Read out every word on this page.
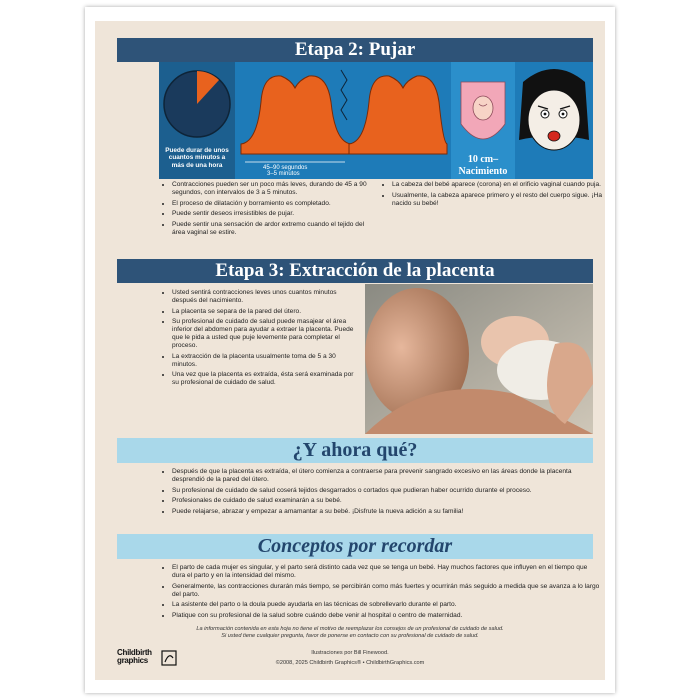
Etapa 2: Pujar
Puede durar de unos cuantos minutos a más de una hora	45–90 segundos
3–5 minutos
10 cm–
Nacimiento
• Contracciones pueden ser un poco más leves, durando de 45 a 90 segundos, con intervalos de 3 a 5 minutos.
• El proceso de dilatación y borramiento es completado.
• Puede sentir deseos irresistibles de pujar.
• Puede sentir una sensación de ardor extremo cuando el tejido del área vaginal se estire.
• La cabeza del bebé aparece (corona) en el orificio vaginal cuando puja.
• Usualmente, la cabeza aparece primero y el resto del cuerpo sigue. ¡Ha nacido su bebé!
Etapa 3: Extracción de la placenta
• Usted sentirá contracciones leves unos cuantos minutos después del nacimiento.
• La placenta se separa de la pared del útero.
• Su profesional de cuidado de salud puede masajear el área inferior del abdomen para ayudar a extraer la placenta. Puede que le pida a usted que puje levemente para completar el proceso.
• La extracción de la placenta usualmente toma de 5 a 30 minutos.
• Una vez que la placenta es extraída, ésta será examinada por su profesional de cuidado de salud.
¿Y ahora qué?
• Después de que la placenta es extraída, el útero comienza a contraerse para prevenir sangrado excesivo en las áreas donde la placenta desprendió de la pared del útero.
• Su profesional de cuidado de salud coserá tejidos desgarrados o cortados que pudieran haber ocurrido durante el proceso.
• Profesionales de cuidado de salud examinarán a su bebé.
• Puede relajarse, abrazar y empezar a amamantar a su bebé. ¡Disfrute la nueva adición a su familia!
Conceptos por recordar
• El parto de cada mujer es singular, y el parto será distinto cada vez que se tenga un bebé. Hay muchos factores que influyen en el tiempo que dura el parto y en la intensidad del mismo.
• Generalmente, las contracciones durarán más tiempo, se percibirán como más fuertes y ocurrirán más seguido a medida que se avanza a lo largo del parto.
• La asistente del parto o la doula puede ayudarla en las técnicas de sobrellevarlo durante el parto.
• Platique con su profesional de la salud sobre cuándo debe venir al hospital o centro de maternidad.
La información contenida en esta hoja no tiene el motivo de reemplazar los consejos de un profesional de cuidado de salud.
Si usted tiene cualquier pregunta, favor de ponerse en contacto con su profesional de cuidado de salud.
Ilustraciones por Bill Finewood.
©2008, 2025 Childbirth Graphics® • ChildbirthGraphics.com
Childbirth
graphics
